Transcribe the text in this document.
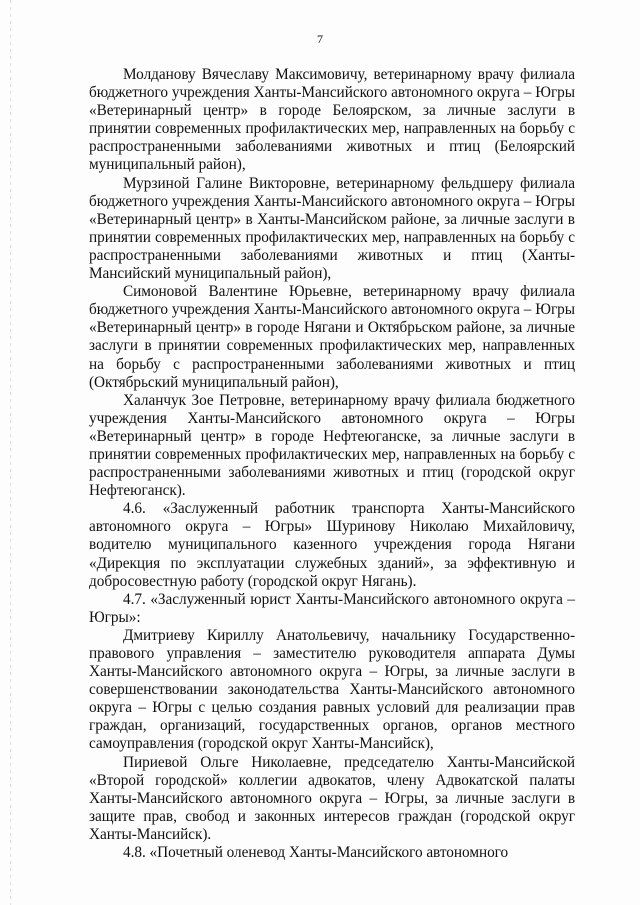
7

Молданову Вячеславу Максимовичу, ветеринарному врачу филиала бюджетного учреждения Ханты-Мансийского автономного округа – Югры «Ветеринарный центр» в городе Белоярском, за личные заслуги в принятии современных профилактических мер, направленных на борьбу с распространенными заболеваниями животных и птиц (Белоярский муниципальный район),

Мурзиной Галине Викторовне, ветеринарному фельдшеру филиала бюджетного учреждения Ханты-Мансийского автономного округа – Югры «Ветеринарный центр» в Ханты-Мансийском районе, за личные заслуги в принятии современных профилактических мер, направленных на борьбу с распространенными заболеваниями животных и птиц (Ханты-Мансийский муниципальный район),

Симоновой Валентине Юрьевне, ветеринарному врачу филиала бюджетного учреждения Ханты-Мансийского автономного округа – Югры «Ветеринарный центр» в городе Нягани и Октябрьском районе, за личные заслуги в принятии современных профилактических мер, направленных на борьбу с распространенными заболеваниями животных и птиц (Октябрьский муниципальный район),

Халанчук Зое Петровне, ветеринарному врачу филиала бюджетного учреждения Ханты-Мансийского автономного округа – Югры «Ветеринарный центр» в городе Нефтеюганске, за личные заслуги в принятии современных профилактических мер, направленных на борьбу с распространенными заболеваниями животных и птиц (городской округ Нефтеюганск).

4.6. «Заслуженный работник транспорта Ханты-Мансийского автономного округа – Югры» Шуринову Николаю Михайловичу, водителю муниципального казенного учреждения города Нягани «Дирекция по эксплуатации служебных зданий», за эффективную и добросовестную работу (городской округ Нягань).

4.7. «Заслуженный юрист Ханты-Мансийского автономного округа – Югры»:

Дмитриеву Кириллу Анатольевичу, начальнику Государственно-правового управления – заместителю руководителя аппарата Думы Ханты-Мансийского автономного округа – Югры, за личные заслуги в совершенствовании законодательства Ханты-Мансийского автономного округа – Югры с целью создания равных условий для реализации прав граждан, организаций, государственных органов, органов местного самоуправления (городской округ Ханты-Мансийск),

Пириевой Ольге Николаевне, председателю Ханты-Мансийской «Второй городской» коллегии адвокатов, члену Адвокатской палаты Ханты-Мансийского автономного округа – Югры, за личные заслуги в защите прав, свобод и законных интересов граждан (городской округ Ханты-Мансийск).

4.8. «Почетный оленевод Ханты-Мансийского автономного
